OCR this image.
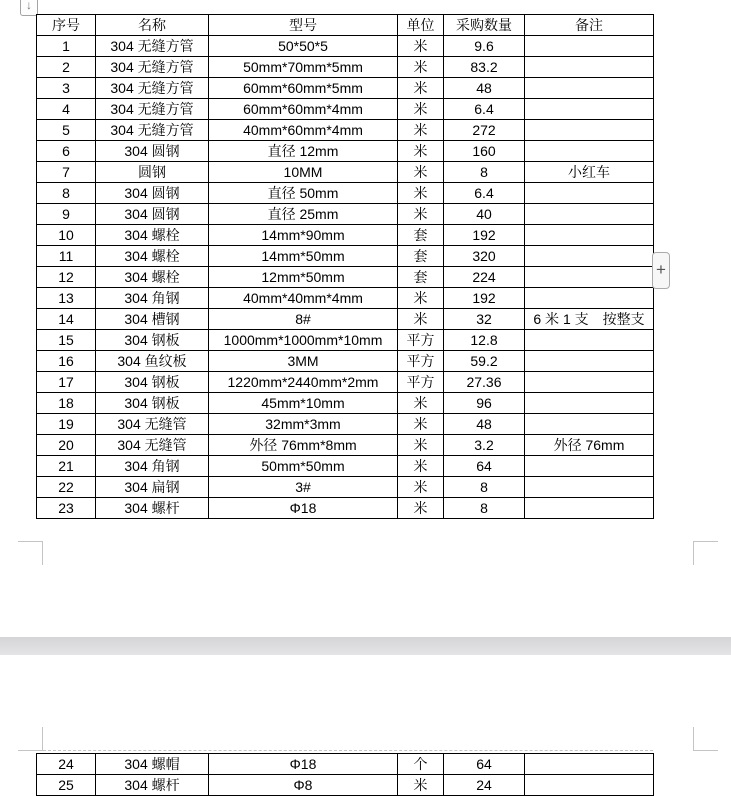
↓
序号	名称	型号	单位	采购数量	备注
1	304 无缝方管	50*50*5	米	9.6	
2	304 无缝方管	50mm*70mm*5mm	米	83.2	
3	304 无缝方管	60mm*60mm*5mm	米	48	
4	304 无缝方管	60mm*60mm*4mm	米	6.4	
5	304 无缝方管	40mm*60mm*4mm	米	272	
6	304 圆钢	直径 12mm	米	160	
7	圆钢	10MM	米	8	小红车
8	304 圆钢	直径 50mm	米	6.4	
9	304 圆钢	直径 25mm	米	40	
10	304 螺栓	14mm*90mm	套	192	
11	304 螺栓	14mm*50mm	套	320	
12	304 螺栓	12mm*50mm	套	224	
13	304 角钢	40mm*40mm*4mm	米	192	
14	304 槽钢	8#	米	32	6 米 1 支　按整支
15	304 钢板	1000mm*1000mm*10mm	平方	12.8	
16	304 鱼纹板	3MM	平方	59.2	
17	304 钢板	1220mm*2440mm*2mm	平方	27.36	
18	304 钢板	45mm*10mm	米	96	
19	304 无缝管	32mm*3mm	米	48	
20	304 无缝管	外径 76mm*8mm	米	3.2	外径 76mm
21	304 角钢	50mm*50mm	米	64	
22	304 扁钢	3#	米	8	
23	304 螺杆	Φ18	米	8	
+
24	304 螺帽	Φ18	个	64	
25	304 螺杆	Φ8	米	24	
